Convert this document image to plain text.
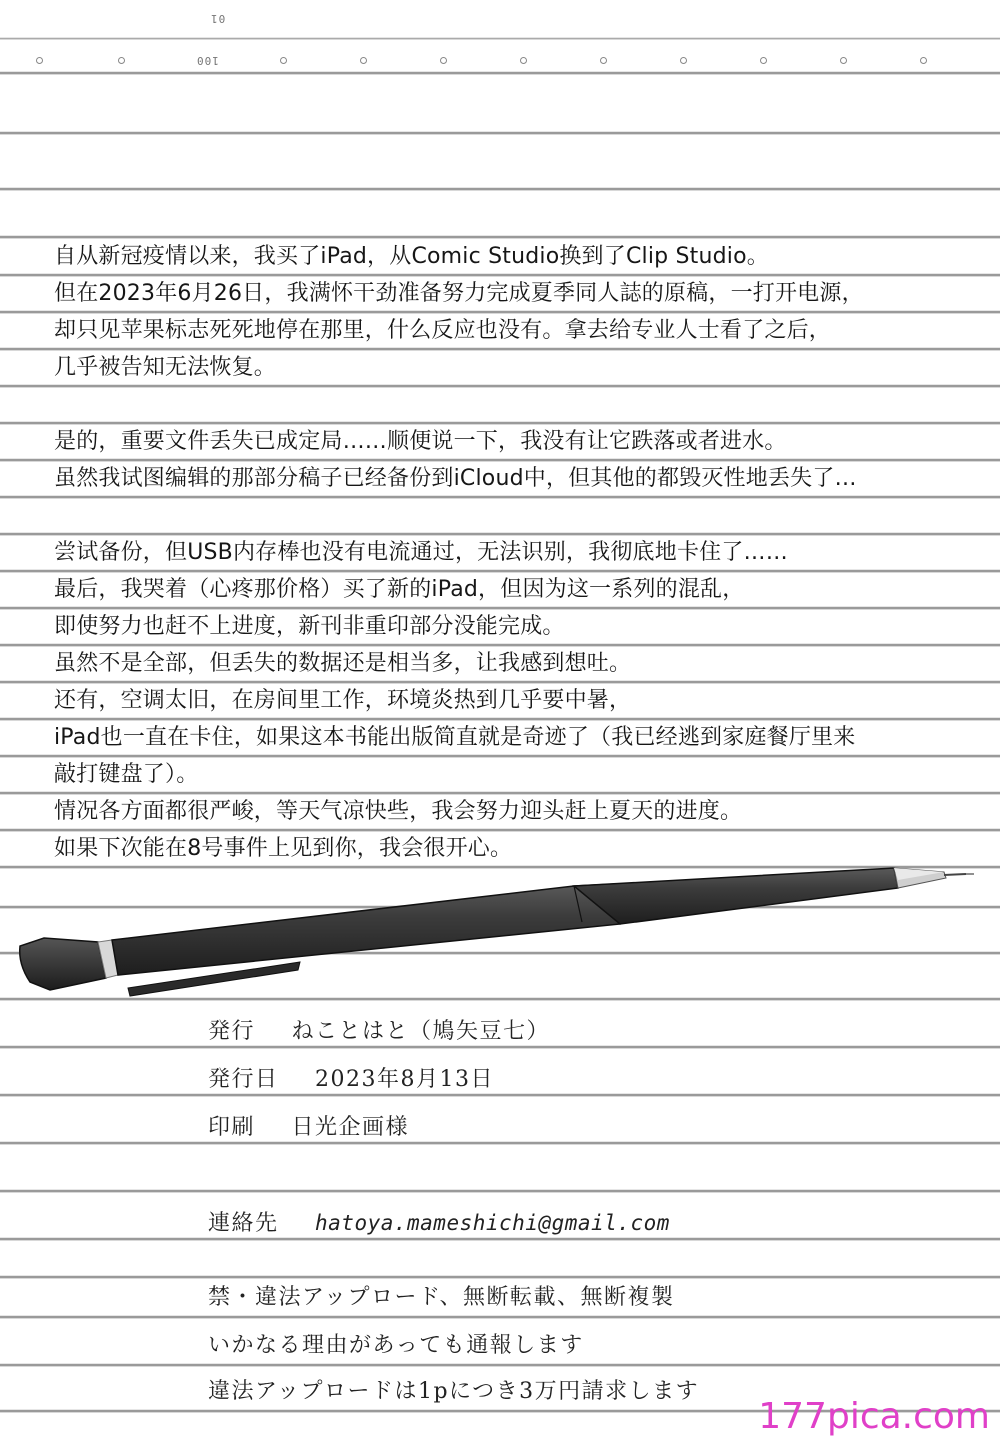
01
100
自从新冠疫情以来，我买了iPad，从Comic Studio换到了Clip Studio。
但在2023年6月26日，我满怀干劲准备努力完成夏季同人誌的原稿，一打开电源，
却只见苹果标志死死地停在那里，什么反应也没有。拿去给专业人士看了之后，
几乎被告知无法恢复。
是的，重要文件丢失已成定局……顺便说一下，我没有让它跌落或者进水。
虽然我试图编辑的那部分稿子已经备份到iCloud中，但其他的都毁灭性地丢失了…
尝试备份，但USB内存棒也没有电流通过，无法识别，我彻底地卡住了……
最后，我哭着（心疼那价格）买了新的iPad，但因为这一系列的混乱，
即使努力也赶不上进度，新刊非重印部分没能完成。
虽然不是全部，但丢失的数据还是相当多，让我感到想吐。
还有，空调太旧，在房间里工作，环境炎热到几乎要中暑，
iPad也一直在卡住，如果这本书能出版简直就是奇迹了（我已经逃到家庭餐厅里来
敲打键盘了）。
情况各方面都很严峻，等天气凉快些，我会努力迎头赶上夏天的进度。
如果下次能在8号事件上见到你，我会很开心。
発行 ねことはと（鳩矢豆七）
発行日 2023年8月13日
印刷 日光企画様
連絡先 hatoya.mameshichi@gmail.com
禁・違法アップロード、無断転載、無断複製
いかなる理由があっても通報します
違法アップロードは1pにつき3万円請求します
177pica.com
